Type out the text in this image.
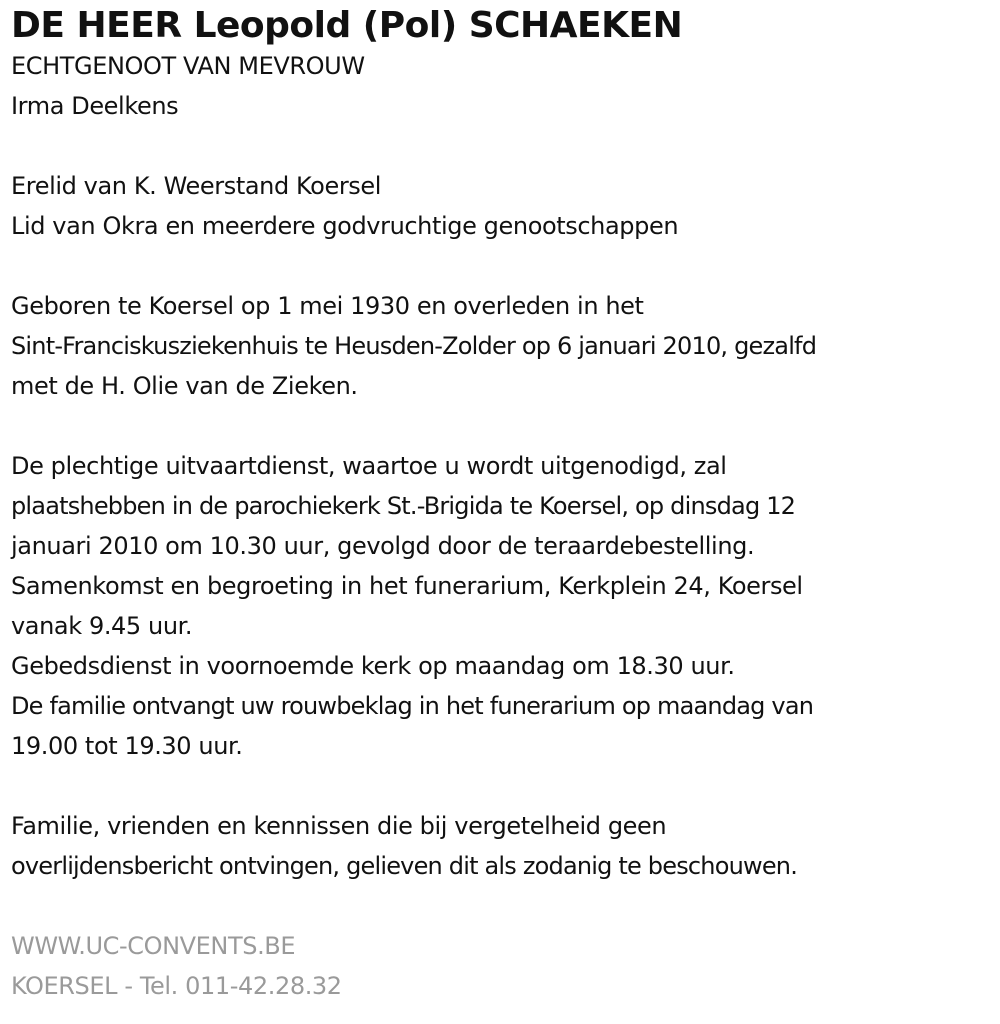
DE HEER Leopold (Pol) SCHAEKEN
ECHTGENOOT VAN MEVROUW
Irma Deelkens
Erelid van K. Weerstand Koersel
Lid van Okra en meerdere godvruchtige genootschappen
Geboren te Koersel op 1 mei 1930 en overleden in het
Sint-Franciskusziekenhuis te Heusden-Zolder op 6 januari 2010, gezalfd
met de H. Olie van de Zieken.
De plechtige uitvaartdienst, waartoe u wordt uitgenodigd, zal
plaatshebben in de parochiekerk St.-Brigida te Koersel, op dinsdag 12
januari 2010 om 10.30 uur, gevolgd door de teraardebestelling.
Samenkomst en begroeting in het funerarium, Kerkplein 24, Koersel
vanak 9.45 uur.
Gebedsdienst in voornoemde kerk op maandag om 18.30 uur.
De familie ontvangt uw rouwbeklag in het funerarium op maandag van
19.00 tot 19.30 uur.
Familie, vrienden en kennissen die bij vergetelheid geen
overlijdensbericht ontvingen, gelieven dit als zodanig te beschouwen.
WWW.UC-CONVENTS.BE
KOERSEL - Tel. 011-42.28.32
